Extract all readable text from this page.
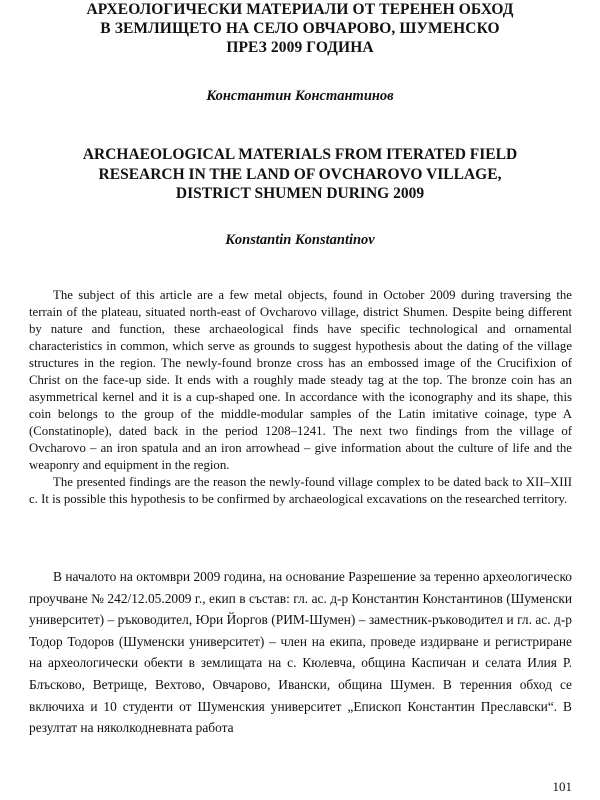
АРХЕОЛОГИЧЕСКИ МАТЕРИАЛИ ОТ ТЕРЕНЕН ОБХОД
В ЗЕМЛИЩЕТО НА СЕЛО ОВЧАРОВО, ШУМЕНСКО
ПРЕЗ 2009 ГОДИНА

Константин Константинов

ARCHAEOLOGICAL MATERIALS FROM ITERATED FIELD
RESEARCH IN THE LAND OF OVCHAROVO VILLAGE,
DISTRICT SHUMEN DURING 2009

Konstantin Konstantinov

The subject of this article are a few metal objects, found in October 2009 during traversing the terrain of the plateau, situated north-east of Ovcharovo village, district Shumen. Despite being different by nature and function, these archaeological finds have specific technological and ornamental characteristics in common, which serve as grounds to suggest hypothesis about the dating of the village structures in the region. The newly-found bronze cross has an embossed image of the Crucifixion of Christ on the face-up side. It ends with a roughly made steady tag at the top. The bronze coin has an asymmetrical kernel and it is a cup-shaped one. In accordance with the iconography and its shape, this coin belongs to the group of the middle-modular samples of the Latin imitative coinage, type A (Constatinople), dated back in the period 1208–1241. The next two findings from the village of Ovcharovo – an iron spatula and an iron arrowhead – give information about the culture of life and the weaponry and equipment in the region.

The presented findings are the reason the newly-found village complex to be dated back to XII–XIII c. It is possible this hypothesis to be confirmed by archaeological excavations on the researched territory.

В началото на октомври 2009 година, на основание Разрешение за теренно археологическо проучване № 242/12.05.2009 г., екип в състав: гл. ас. д-р Константин Константинов (Шуменски университет) – ръководител, Юри Йоргов (РИМ-Шумен) – заместник-ръководител и гл. ас. д-р Тодор Тодоров (Шуменски университет) – член на екипа, проведе издирване и регистриране на археологически обекти в землищата на с. Кюлевча, община Каспичан и селата Илия Р. Блъсково, Ветрище, Вехтово, Овчарово, Ивански, община Шумен. В теренния обход се включиха и 10 студенти от Шуменския университет „Епископ Константин Преславски“. В резултат на няколкодневната работа

101
